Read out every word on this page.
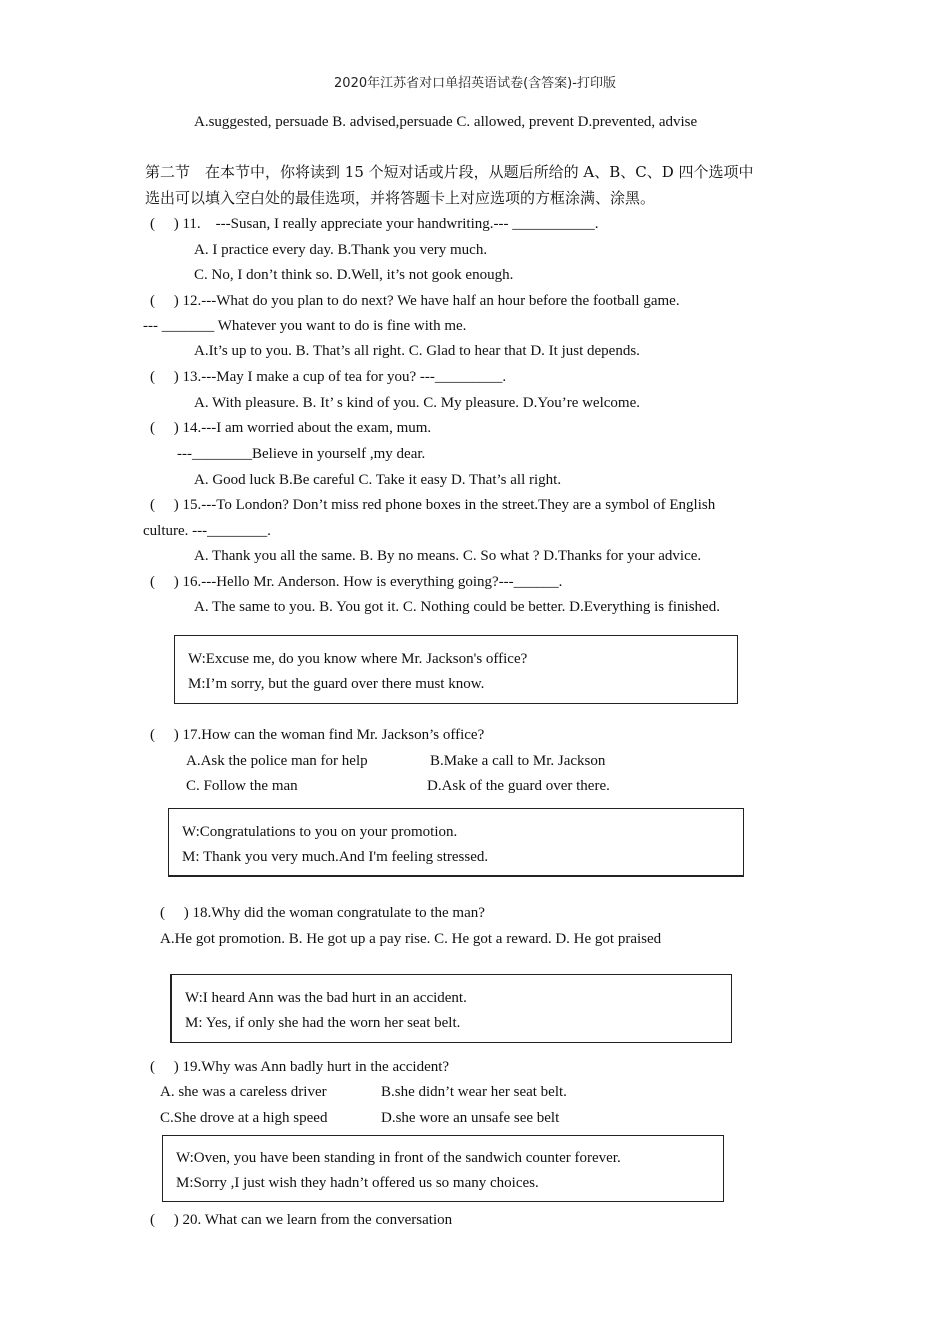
2020年江苏省对口单招英语试卷(含答案)-打印版
A.suggested, persuade B. advised,persuade C. allowed, prevent D.prevented, advise
第二节　在本节中，你将读到 15 个短对话或片段，从题后所给的 A、B、C、D 四个选项中
选出可以填入空白处的最佳选项，并将答题卡上对应选项的方框涂满、涂黑。
(　 ) 11.　---Susan, I really appreciate your handwriting.--- ___________.
A. I practice every day. B.Thank you very much.
C. No, I don’t think so. D.Well, it’s not gook enough.
(　 ) 12.---What do you plan to do next? We have half an hour before the football game.
--- _______ Whatever you want to do is fine with me.
A.It’s up to you. B. That’s all right. C. Glad to hear that D. It just depends.
(　 ) 13.---May I make a cup of tea for you? ---_________.
A. With pleasure. B. It’ s kind of you. C. My pleasure. D.You’re welcome.
(　 ) 14.---I am worried about the exam, mum.
---________Believe in yourself ,my dear.
A. Good luck B.Be careful C. Take it easy D. That’s all right.
(　 ) 15.---To London? Don’t miss red phone boxes in the street.They are a symbol of English
culture. ---________.
A. Thank you all the same. B. By no means. C. So what ? D.Thanks for your advice.
(　 ) 16.---Hello Mr. Anderson. How is everything going?---______.
A. The same to you. B. You got it. C. Nothing could be better. D.Everything is finished.
W:Excuse me, do you know where Mr. Jackson's office?
M:I’m sorry, but the guard over there must know.
(　 ) 17.How can the woman find Mr. Jackson’s office?
A.Ask the police man for help	B.Make a call to Mr. Jackson
C. Follow the man	D.Ask of the guard over there.
W:Congratulations to you on your promotion.
M: Thank you very much.And I'm feeling stressed.
(　 ) 18.Why did the woman congratulate to the man?
A.He got promotion. B. He got up a pay rise. C. He got a reward. D. He got praised
W:I heard Ann was the bad hurt in an accident.
M: Yes, if only she had the worn her seat belt.
(　 ) 19.Why was Ann badly hurt in the accident?
A. she was a careless driver	B.she didn’t wear her seat belt.
C.She drove at a high speed	D.she wore an unsafe see belt
W:Oven, you have been standing in front of the sandwich counter forever.
M:Sorry ,I just wish they hadn’t offered us so many choices.
(　 ) 20. What can we learn from the conversation
